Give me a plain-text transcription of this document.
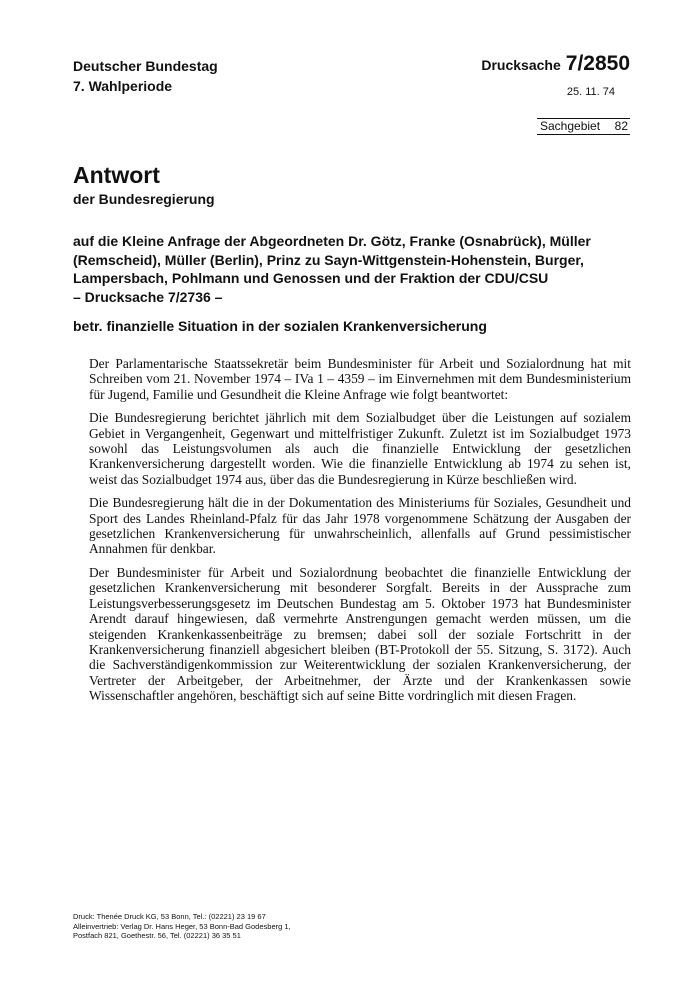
Deutscher Bundestag
7. Wahlperiode
Drucksache 7/2850
25. 11. 74
Sachgebiet 82
Antwort
der Bundesregierung
auf die Kleine Anfrage der Abgeordneten Dr. Götz, Franke (Osnabrück), Müller
(Remscheid), Müller (Berlin), Prinz zu Sayn-Wittgenstein-Hohenstein, Burger,
Lampersbach, Pohlmann und Genossen und der Fraktion der CDU/CSU
– Drucksache 7/2736 –
betr. finanzielle Situation in der sozialen Krankenversicherung

Der Parlamentarische Staatssekretär beim Bundesminister für Arbeit und Sozialordnung hat mit Schreiben vom 21. November 1974 – IVa 1 – 4359 – im Einvernehmen mit dem Bundesministerium für Jugend, Familie und Gesundheit die Kleine Anfrage wie folgt beantwortet:

Die Bundesregierung berichtet jährlich mit dem Sozialbudget über die Leistungen auf sozialem Gebiet in Vergangenheit, Gegenwart und mittelfristiger Zukunft. Zuletzt ist im Sozialbudget 1973 sowohl das Leistungsvolumen als auch die finanzielle Entwicklung der gesetzlichen Krankenversicherung dargestellt worden. Wie die finanzielle Entwicklung ab 1974 zu sehen ist, weist das Sozialbudget 1974 aus, über das die Bundesregierung in Kürze beschließen wird.

Die Bundesregierung hält die in der Dokumentation des Ministeriums für Soziales, Gesundheit und Sport des Landes Rheinland-Pfalz für das Jahr 1978 vorgenommene Schätzung der Ausgaben der gesetzlichen Krankenversicherung für unwahrscheinlich, allenfalls auf Grund pessimistischer Annahmen für denkbar.

Der Bundesminister für Arbeit und Sozialordnung beobachtet die finanzielle Entwicklung der gesetzlichen Krankenversicherung mit besonderer Sorgfalt. Bereits in der Aussprache zum Leistungsverbesserungsgesetz im Deutschen Bundestag am 5. Oktober 1973 hat Bundesminister Arendt darauf hingewiesen, daß vermehrte Anstrengungen gemacht werden müssen, um die steigenden Krankenkassenbeiträge zu bremsen; dabei soll der soziale Fortschritt in der Krankenversicherung finanziell abgesichert bleiben (BT-Protokoll der 55. Sitzung, S. 3172). Auch die Sachverständigenkommission zur Weiterentwicklung der sozialen Krankenversicherung, der Vertreter der Arbeitgeber, der Arbeitnehmer, der Ärzte und der Krankenkassen sowie Wissenschaftler angehören, beschäftigt sich auf seine Bitte vordringlich mit diesen Fragen.

Druck: Thenée Druck KG, 53 Bonn, Tel.: (02221) 23 19 67
Alleinvertrieb: Verlag Dr. Hans Heger, 53 Bonn-Bad Godesberg 1,
Postfach 821, Goethestr. 56, Tel. (02221) 36 35 51
